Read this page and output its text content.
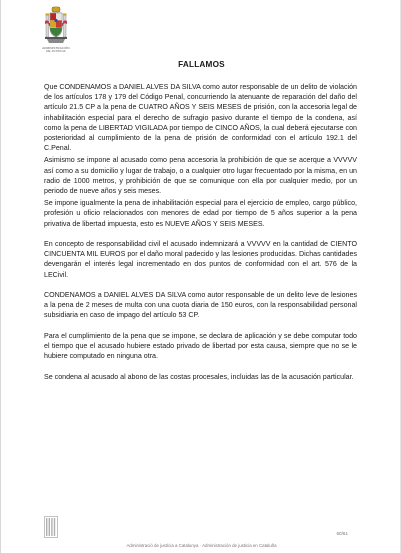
ADMINISTRACIÓN DE JUSTICIA
FALLAMOS

Que CONDENAMOS a DANIEL ALVES DA SILVA como autor responsable de un delito de violación de los artículos 178 y 179 del Código Penal, concurriendo la atenuante de reparación del daño del artículo 21.5 CP a la pena de CUATRO AÑOS Y SEIS MESES de prisión, con la accesoria legal de inhabilitación especial para el derecho de sufragio pasivo durante el tiempo de la condena, así como la pena de LIBERTAD VIGILADA por tiempo de CINCO AÑOS, la cual deberá ejecutarse con posterioridad al cumplimiento de la pena de prisión de conformidad con el artículo 192.1 del C.Penal.

Asimismo se impone al acusado como pena accesoria la prohibición de que se acerque a VVVVV así como a su domicilio y lugar de trabajo, o a cualquier otro lugar frecuentado por la misma, en un radio de 1000 metros, y prohibición de que se comunique con ella por cualquier medio, por un periodo de nueve años y seis meses.

Se impone igualmente la pena de inhabilitación especial para el ejercicio de empleo, cargo público, profesión u oficio relacionados con menores de edad por tiempo de 5 años superior a la pena privativa de libertad impuesta, esto es NUEVE AÑOS Y SEIS MESES.

En concepto de responsabilidad civil el acusado indemnizará a VVVVV en la cantidad de CIENTO CINCUENTA MIL EUROS por el daño moral padecido y las lesiones producidas. Dichas cantidades devengarán el interés legal incrementado en dos puntos de conformidad con el art. 576 de la LECivil.

CONDENAMOS a DANIEL ALVES DA SILVA como autor responsable de un delito leve de lesiones a la pena de 2 meses de multa con una cuota diaria de 150 euros, con la responsabilidad personal subsidiaria en caso de impago del artículo 53 CP.

Para el cumplimiento de la pena que se impone, se declara de aplicación y se debe computar todo el tiempo que el acusado hubiere estado privado de libertad por esta causa, siempre que no se le hubiere computado en ninguna otra.

Se condena al acusado al abono de las costas procesales, incluidas las de la acusación particular.

60/61
Administració de justícia a Catalunya · Administración de justicia en Cataluña
